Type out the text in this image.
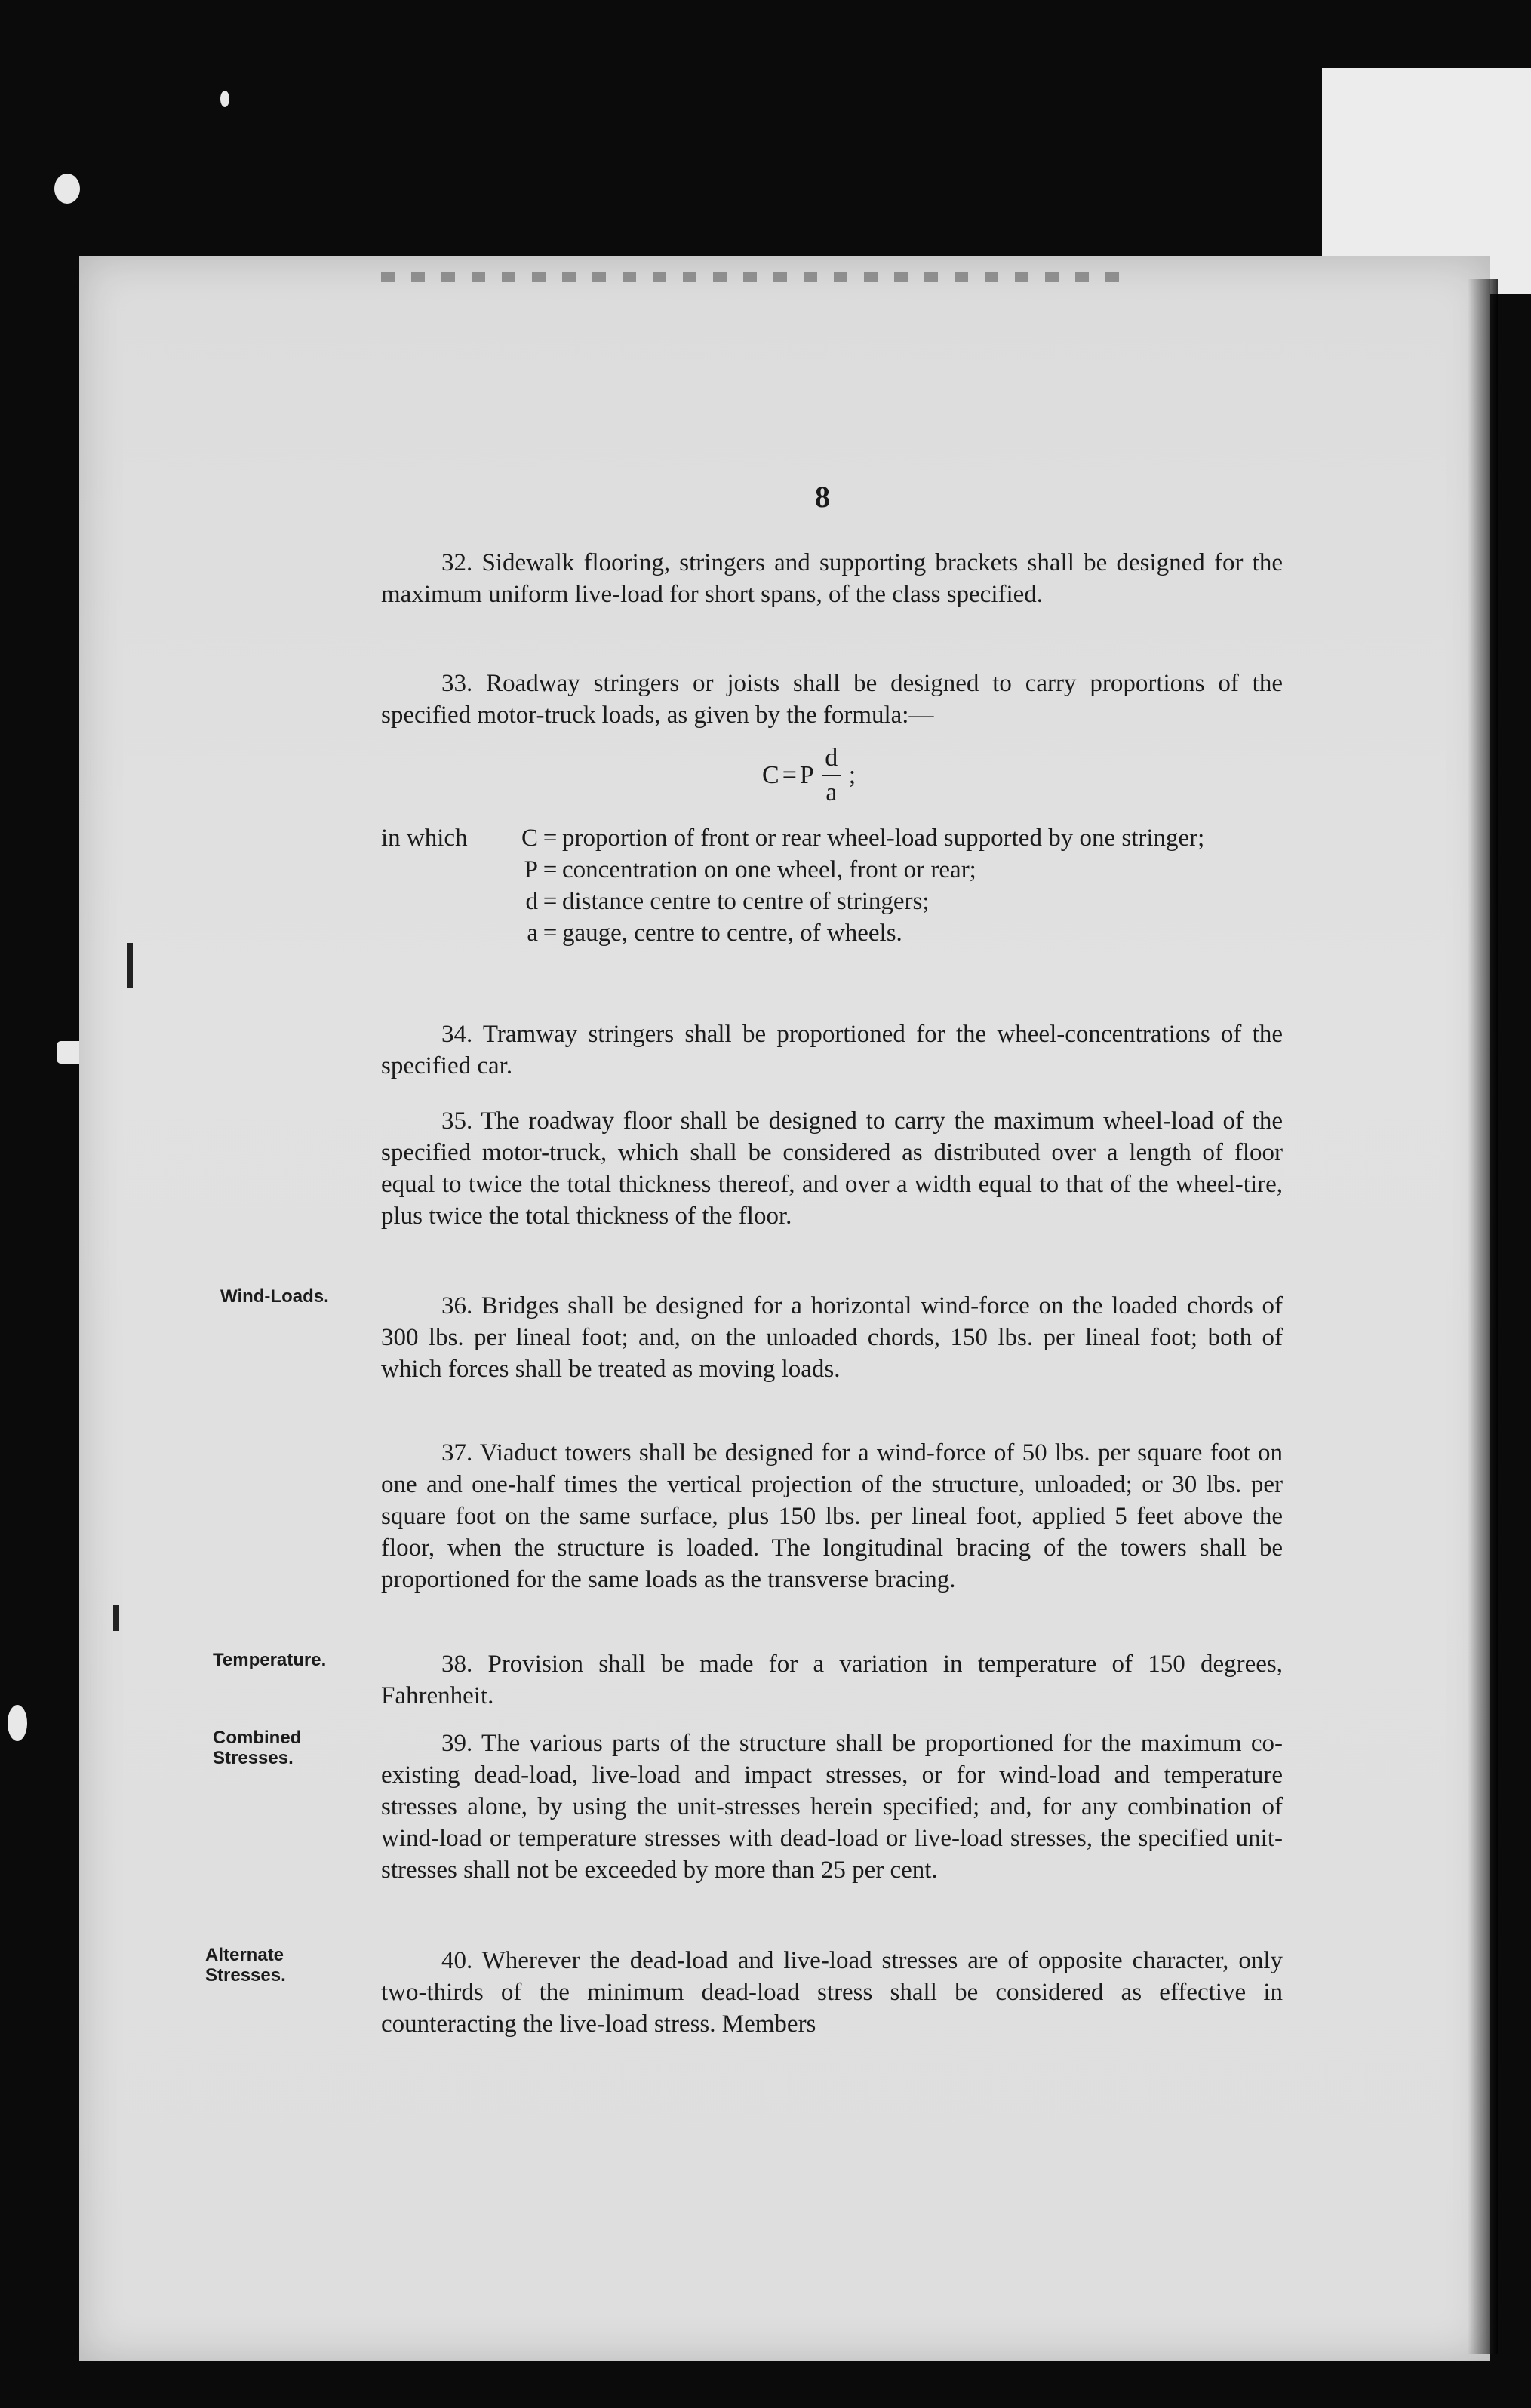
8

32. Sidewalk flooring, stringers and supporting brackets shall be designed for the maximum uniform live-load for short spans, of the class specified.

33. Roadway stringers or joists shall be designed to carry proportions of the specified motor-truck loads, as given by the formula:—

C = P $\frac{d}{a}$ ;
in which	C = proportion of front or rear wheel-load supported by one stringer;
P = concentration on one wheel, front or rear;
d = distance centre to centre of stringers;
a = gauge, centre to centre, of wheels.

34. Tramway stringers shall be proportioned for the wheel-concentrations of the specified car.

35. The roadway floor shall be designed to carry the maximum wheel-load of the specified motor-truck, which shall be considered as distributed over a length of floor equal to twice the total thickness thereof, and over a width equal to that of the wheel-tire, plus twice the total thickness of the floor.

Wind-Loads.	36. Bridges shall be designed for a horizontal wind-force on the loaded chords of 300 lbs. per lineal foot; and, on the unloaded chords, 150 lbs. per lineal foot; both of which forces shall be treated as moving loads.

37. Viaduct towers shall be designed for a wind-force of 50 lbs. per square foot on one and one-half times the vertical projection of the structure, unloaded; or 30 lbs. per square foot on the same surface, plus 150 lbs. per lineal foot, applied 5 feet above the floor, when the structure is loaded. The longitudinal bracing of the towers shall be proportioned for the same loads as the transverse bracing.

Temperature.	38. Provision shall be made for a variation in temperature of 150 degrees, Fahrenheit.

Combined
Stresses.

39. The various parts of the structure shall be proportioned for the maximum co-existing dead-load, live-load and impact stresses, or for wind-load and temperature stresses alone, by using the unit-stresses herein specified; and, for any combination of wind-load or temperature stresses with dead-load or live-load stresses, the specified unit-stresses shall not be exceeded by more than 25 per cent.

Alternate
Stresses.

40. Wherever the dead-load and live-load stresses are of opposite character, only two-thirds of the minimum dead-load stress shall be considered as effective in counteracting the live-load stress. Members
